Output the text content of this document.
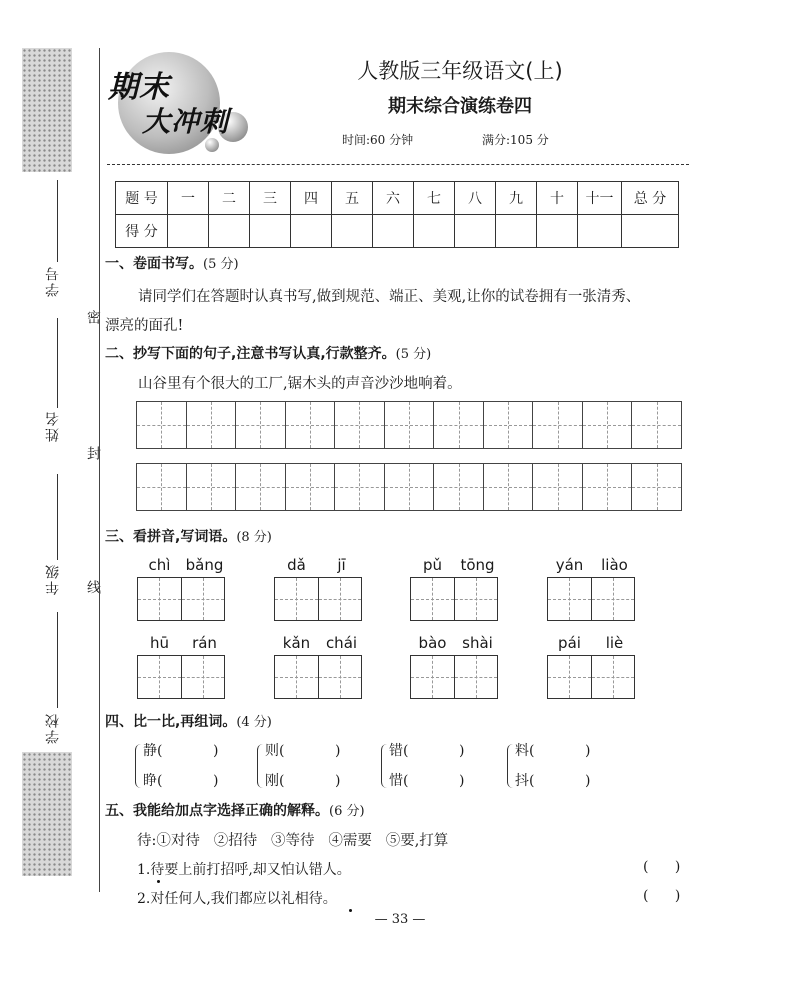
学号
姓名
年级
学校
密
封
线
期末
大冲刺
人教版三年级语文(上)
期末综合演练卷四
时间:60 分钟	满分:105 分
题 号	一	二	三	四	五	六	七	八	九	十	十一	总 分
得 分												
一、卷面书写。(5 分)
请同学们在答题时认真书写,做到规范、端正、美观,让你的试卷拥有一张清秀、
漂亮的面孔!
二、抄写下面的句子,注意书写认真,行款整齐。(5 分)
山谷里有个很大的工厂,锯木头的声音沙沙地响着。
三、看拼音,写词语。(8 分)
chì	bǎng	dǎ	jī	pǔ	tōng	yán	liào
hū	rán	kǎn	chái	bào	shài	pái	liè
四、比一比,再组词。(4 分)
静(	)
睁(	)
则(	)
刚(	)
错(	)
惜(	)
料(	)
抖(	)
五、我能给加点字选择正确的解释。(6 分)
待:①对待   ②招待   ③等待   ④需要   ⑤要,打算
1.待要上前打招呼,却又怕认错人。	( )
2.对任何人,我们都应以礼相待。	( )
— 33 —
